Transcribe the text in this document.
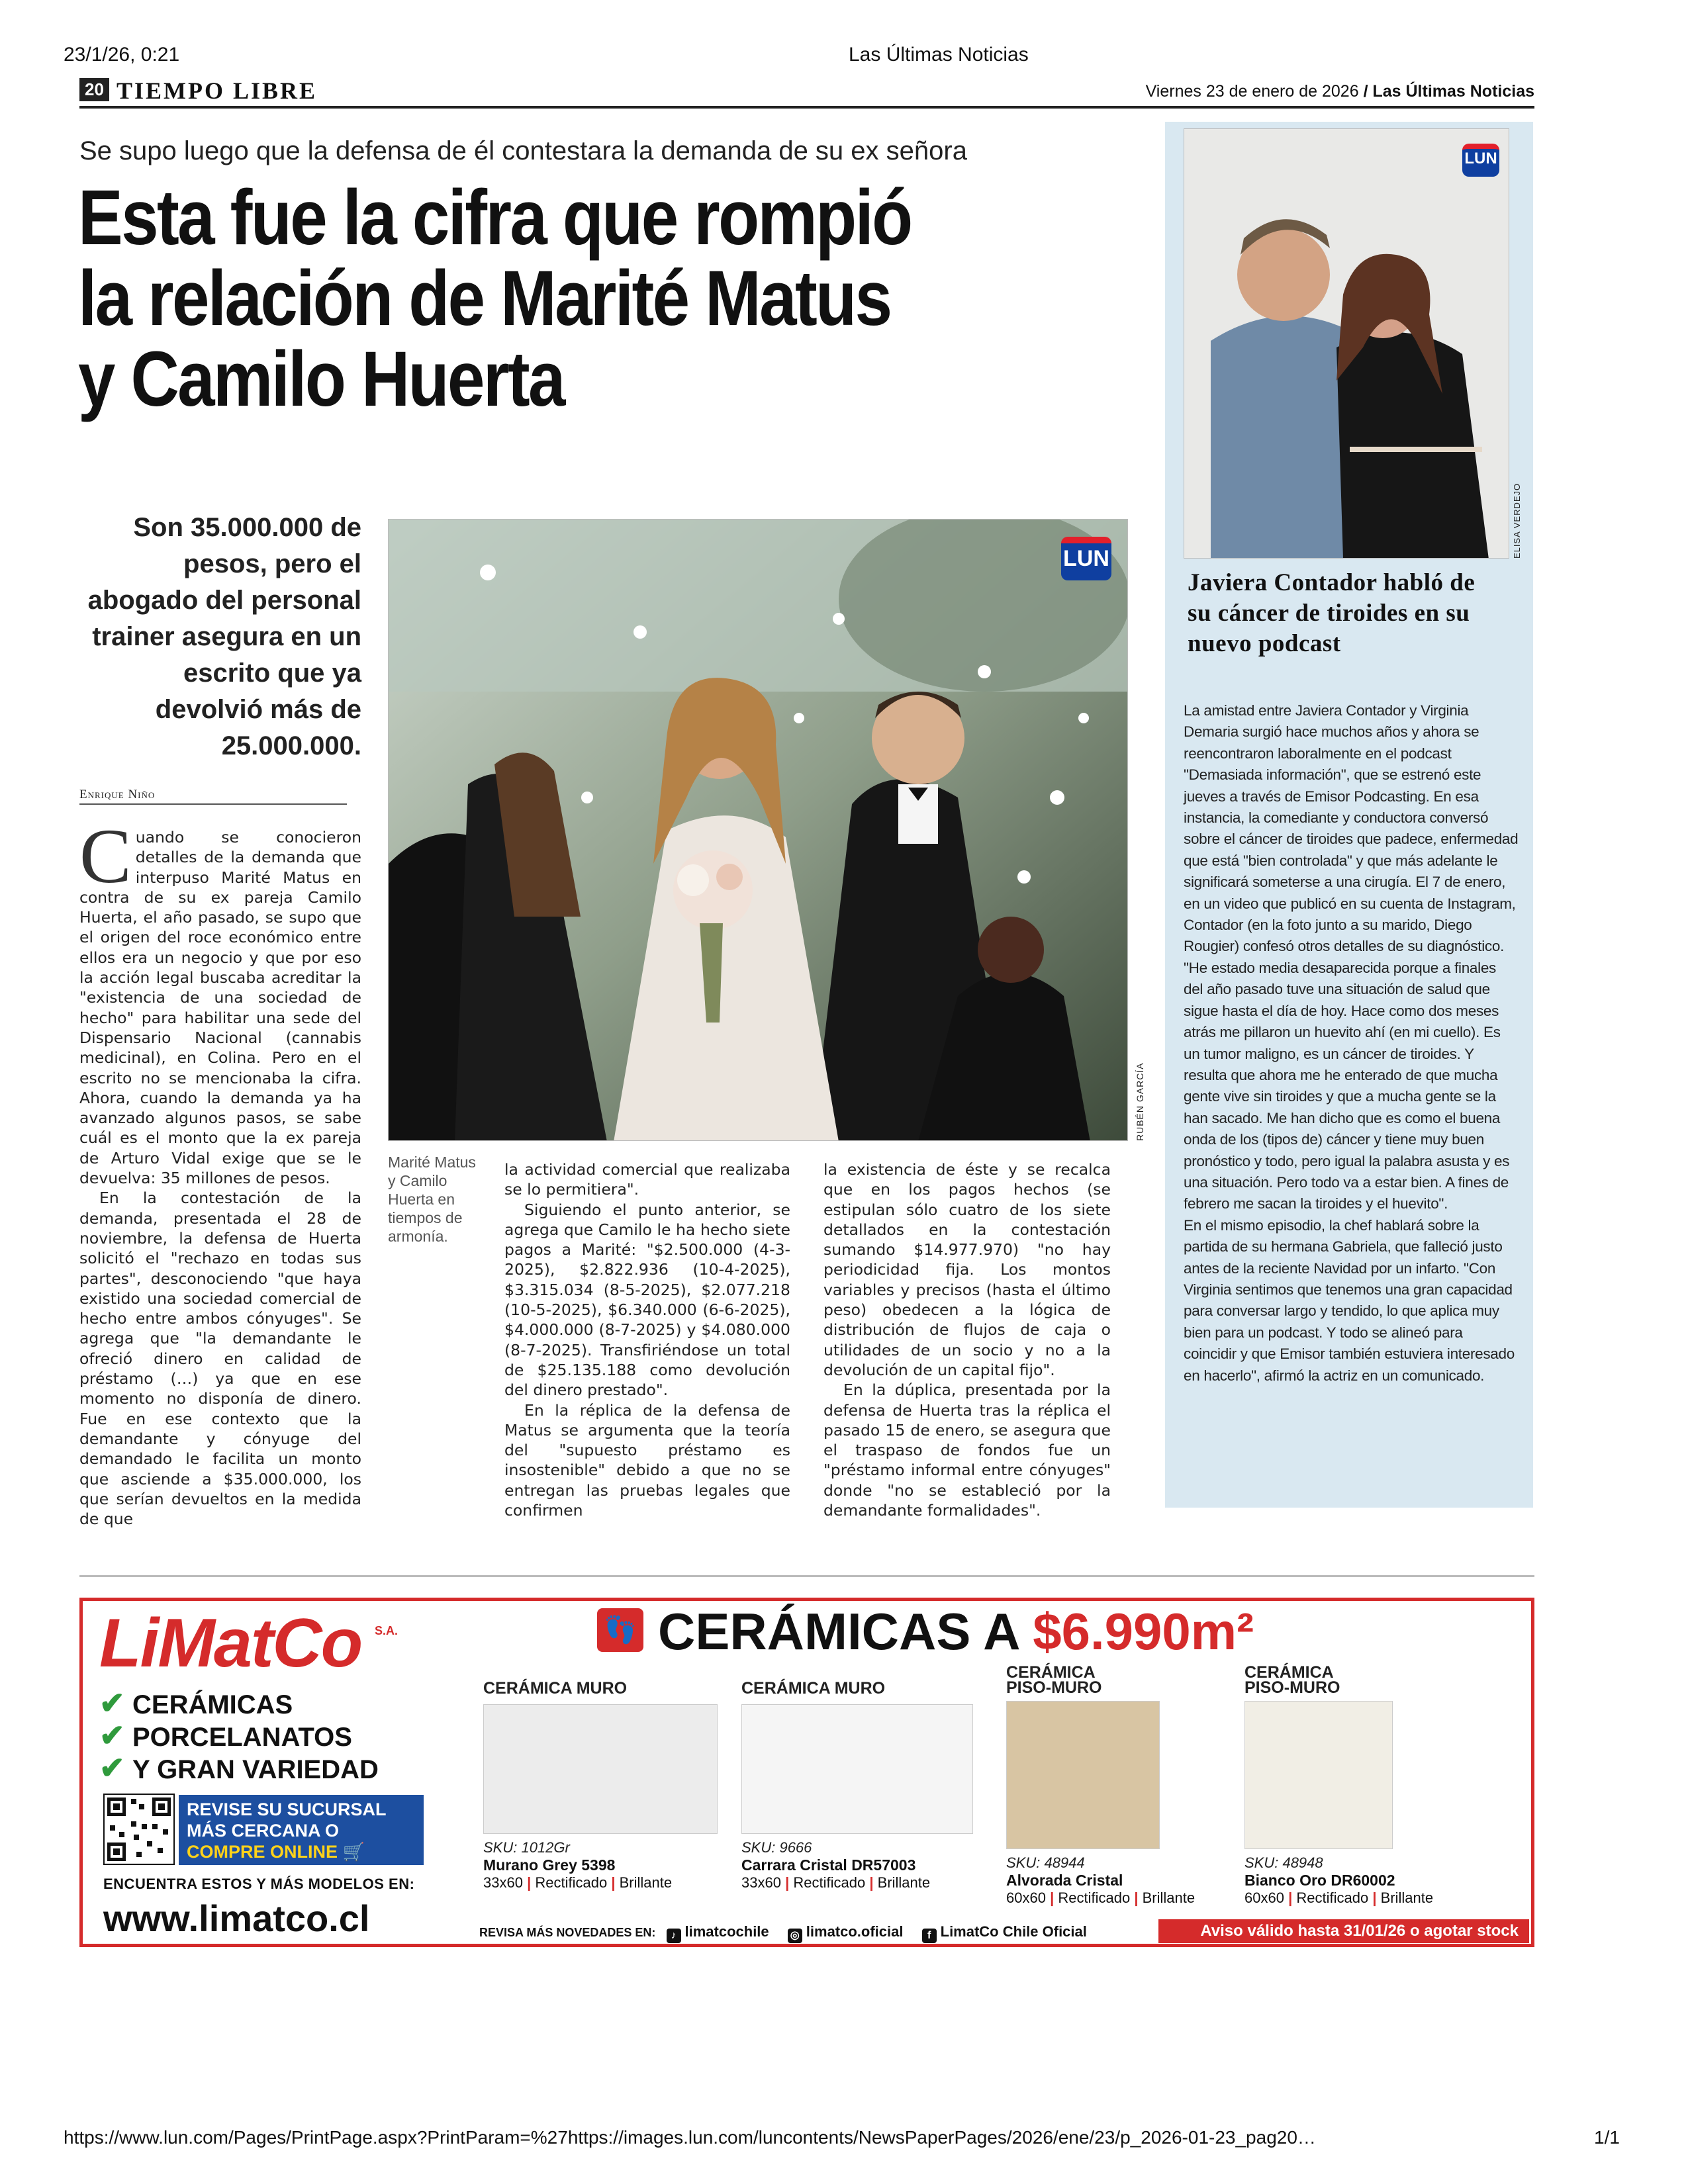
23/1/26, 0:21	Las Últimas Noticias
20 TIEMPO LIBRE	Viernes 23 de enero de 2026 / Las Últimas Noticias
Se supo luego que la defensa de él contestara la demanda de su ex señora
Esta fue la cifra que rompió
la relación de Marité Matus
y Camilo Huerta
Son 35.000.000 de pesos, pero el abogado del personal trainer asegura en un escrito que ya devolvió más de 25.000.000.
Enrique Niño

Cuando se conocieron detalles de la demanda que interpuso Marité Matus en contra de su ex pareja Camilo Huerta, el año pasado, se supo que el origen del roce económico entre ellos era un negocio y que por eso la acción legal buscaba acreditar la "existencia de una sociedad de hecho" para habilitar una sede del Dispensario Nacional (cannabis medicinal), en Colina. Pero en el escrito no se mencionaba la cifra. Ahora, cuando la demanda ya ha avanzado algunos pasos, se sabe cuál es el monto que la ex pareja de Arturo Vidal exige que se le devuelva: 35 millones de pesos.

En la contestación de la demanda, presentada el 28 de noviembre, la defensa de Huerta solicitó el "rechazo en todas sus partes", desconociendo "que haya existido una sociedad comercial de hecho entre ambos cónyuges". Se agrega que "la demandante le ofreció dinero en calidad de préstamo (…) ya que en ese momento no disponía de dinero. Fue en ese contexto que la demandante y cónyuge del demandado le facilita un monto que asciende a $35.000.000, los que serían devueltos en la medida de que

LUN
RUBÉN GARCÍA
Marité Matus y Camilo Huerta en tiempos de armonía.

la actividad comercial que realizaba se lo permitiera".

Siguiendo el punto anterior, se agrega que Camilo le ha hecho siete pagos a Marité: "$2.500.000 (4-3-2025), $2.822.936 (10-4-2025), $3.315.034 (8-5-2025), $2.077.218 (10-5-2025), $6.340.000 (6-6-2025), $4.000.000 (8-7-2025) y $4.080.000 (8-7-2025). Transfiriéndose un total de $25.135.188 como devolución del dinero prestado".

En la réplica de la defensa de Matus se argumenta que la teoría del "supuesto préstamo es insostenible" debido a que no se entregan las pruebas legales que confirmen

la existencia de éste y se recalca que en los pagos hechos (se estipulan sólo cuatro de los siete detallados en la contestación sumando $14.977.970) "no hay periodicidad fija. Los montos variables y precisos (hasta el último peso) obedecen a la lógica de distribución de flujos de caja o utilidades de un socio y no a la devolución de un capital fijo".

En la dúplica, presentada por la defensa de Huerta tras la réplica el pasado 15 de enero, se asegura que el traspaso de fondos fue un "préstamo informal entre cónyuges" donde "no se estableció por la demandante formalidades".

LUN
ELISA VERDEJO
Javiera Contador habló de su cáncer de tiroides en su nuevo podcast

La amistad entre Javiera Contador y Virginia Demaria surgió hace muchos años y ahora se reencontraron laboralmente en el podcast "Demasiada información", que se estrenó este jueves a través de Emisor Podcasting. En esa instancia, la comediante y conductora conversó sobre el cáncer de tiroides que padece, enfermedad que está "bien controlada" y que más adelante le significará someterse a una cirugía. El 7 de enero, en un video que publicó en su cuenta de Instagram, Contador (en la foto junto a su marido, Diego Rougier) confesó otros detalles de su diagnóstico. "He estado media desaparecida porque a finales del año pasado tuve una situación de salud que sigue hasta el día de hoy. Hace como dos meses atrás me pillaron un huevito ahí (en mi cuello). Es un tumor maligno, es un cáncer de tiroides. Y resulta que ahora me he enterado de que mucha gente vive sin tiroides y que a mucha gente se la han sacado. Me han dicho que es como el buena onda de los (tipos de) cáncer y tiene muy buen pronóstico y todo, pero igual la palabra asusta y es una situación. Pero todo va a estar bien. A fines de febrero me sacan la tiroides y el huevito".

En el mismo episodio, la chef hablará sobre la partida de su hermana Gabriela, que falleció justo antes de la reciente Navidad por un infarto. "Con Virginia sentimos que tenemos una gran capacidad para conversar largo y tendido, lo que aplica muy bien para un podcast. Y todo se alineó para coincidir y que Emisor también estuviera interesado en hacerlo", afirmó la actriz en un comunicado.

LiMatCo S.A.
✔ CERÁMICAS
✔ PORCELANATOS
✔ Y GRAN VARIEDAD
REVISE SU SUCURSAL
MÁS CERCANA O
COMPRE ONLINE 🛒
ENCUENTRA ESTOS Y MÁS MODELOS EN:
www.limatco.cl
👣 CERÁMICAS A $6.990m²
CERÁMICA MURO
SKU: 1012Gr
Murano Grey 5398
33x60 | Rectificado | Brillante
CERÁMICA MURO
SKU: 9666
Carrara Cristal DR57003
33x60 | Rectificado | Brillante
CERÁMICA PISO-MURO
SKU: 48944
Alvorada Cristal
60x60 | Rectificado | Brillante
CERÁMICA PISO-MURO
SKU: 48948
Bianco Oro DR60002
60x60 | Rectificado | Brillante
REVISA MÁS NOVEDADES EN: ♪ limatcochile ◎ limatco.oficial f LimatCo Chile Oficial	Aviso válido hasta 31/01/26 o agotar stock
https://www.lun.com/Pages/PrintPage.aspx?PrintParam=%27https://images.lun.com/luncontents/NewsPaperPages/2026/ene/23/p_2026-01-23_pag20…	1/1
